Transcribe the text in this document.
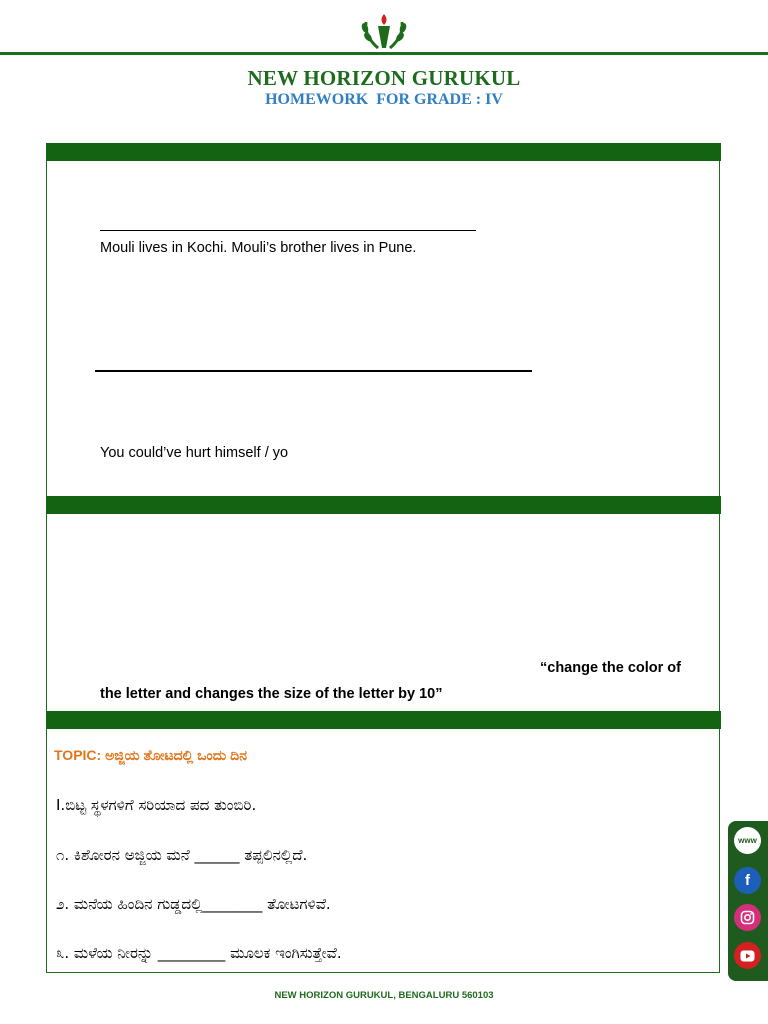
NEW HORIZON GURUKUL
HOMEWORK  FOR GRADE : IV
Mouli lives in Kochi. Mouli’s brother lives in Pune.
You could’ve hurt himself / yo
“change the color of
the letter and changes the size of the letter by 10”
TOPIC: ಅಜ್ಜಿಯ ತೋಟದಲ್ಲಿ ಒಂದು ದಿನ
I.ಬಿಟ್ಟ ಸ್ಥಳಗಳಿಗೆ ಸರಿಯಾದ ಪದ ತುಂಬಿರಿ.
೧. ಕಿಶೋರನ ಅಜ್ಜಿಯ ಮನೆ ______ ತಪ್ಪಲಿನಲ್ಲಿದೆ.
೨. ಮನೆಯ ಹಿಂದಿನ ಗುಡ್ಡದಲ್ಲಿ________ ತೋಟಗಳಿವೆ.
೩. ಮಳೆಯ ನೀರನ್ನು _________ ಮೂಲಕ ಇಂಗಿಸುತ್ತೇವೆ.
NEW HORIZON GURUKUL, BENGALURU 560103
www
f
